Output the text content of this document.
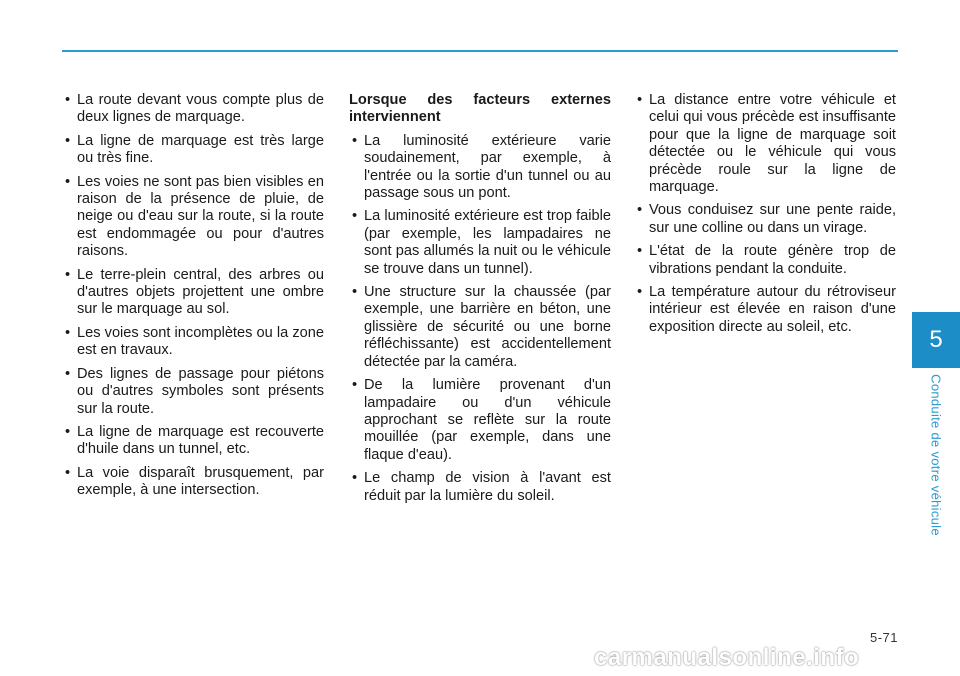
• La route devant vous compte plus de deux lignes de marquage.
• La ligne de marquage est très large ou très fine.
• Les voies ne sont pas bien visibles en raison de la présence de pluie, de neige ou d'eau sur la route, si la route est endommagée ou pour d'autres raisons.
• Le terre-plein central, des arbres ou d'autres objets projettent une ombre sur le marquage au sol.
• Les voies sont incomplètes ou la zone est en travaux.
• Des lignes de passage pour piétons ou d'autres symboles sont présents sur la route.
• La ligne de marquage est recouverte d'huile dans un tunnel, etc.
• La voie disparaît brusquement, par exemple, à une intersection.
Lorsque des facteurs externes interviennent
• La luminosité extérieure varie soudainement, par exemple, à l'entrée ou la sortie d'un tunnel ou au passage sous un pont.
• La luminosité extérieure est trop faible (par exemple, les lampadaires ne sont pas allumés la nuit ou le véhicule se trouve dans un tunnel).
• Une structure sur la chaussée (par exemple, une barrière en béton, une glissière de sécurité ou une borne réfléchissante) est accidentellement détectée par la caméra.
• De la lumière provenant d'un lampadaire ou d'un véhicule approchant se reflète sur la route mouillée (par exemple, dans une flaque d'eau).
• Le champ de vision à l'avant est réduit par la lumière du soleil.
• La distance entre votre véhicule et celui qui vous précède est insuffisante pour que la ligne de marquage soit détectée ou le véhicule qui vous précède roule sur la ligne de marquage.
• Vous conduisez sur une pente raide, sur une colline ou dans un virage.
• L'état de la route génère trop de vibrations pendant la conduite.
• La température autour du rétroviseur intérieur est élevée en raison d'une exposition directe au soleil, etc.	5
Conduite de votre véhicule
5-71
carmanualsonline.info
